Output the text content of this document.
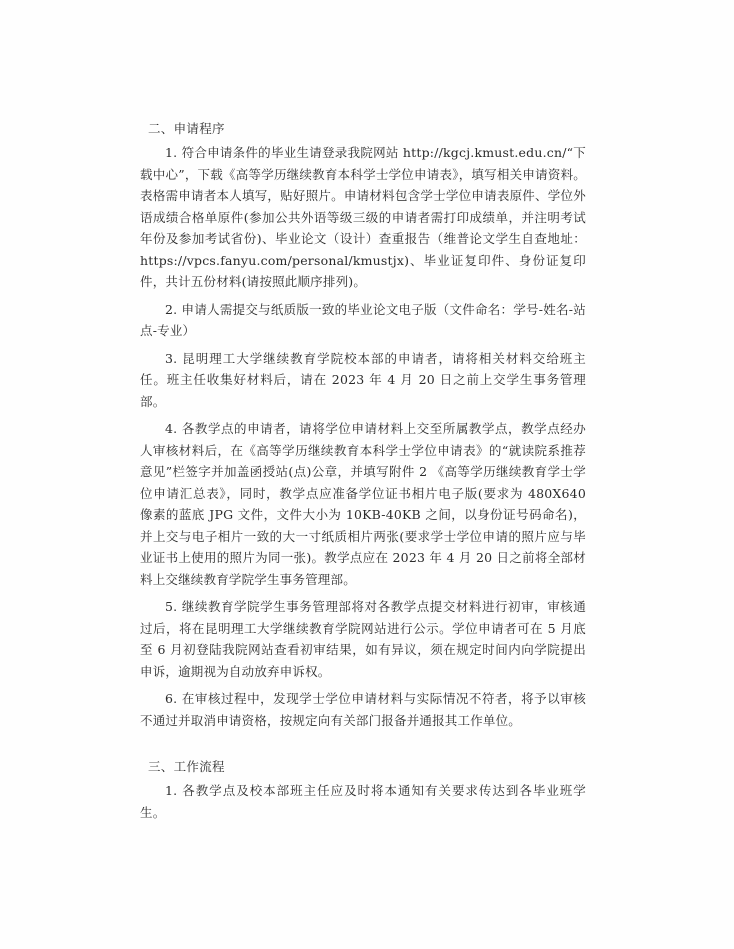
二、申请程序

1. 符合申请条件的毕业生请登录我院网站 http://kgcj.kmust.edu.cn/“下载中心”，下载《高等学历继续教育本科学士学位申请表》，填写相关申请资料。表格需申请者本人填写，贴好照片。申请材料包含学士学位申请表原件、学位外语成绩合格单原件(参加公共外语等级三级的申请者需打印成绩单，并注明考试年份及参加考试省份)、毕业论文（设计）查重报告（维普论文学生自查地址： https://vpcs.fanyu.com/personal/kmustjx)、毕业证复印件、身份证复印件，共计五份材料(请按照此顺序排列)。

2. 申请人需提交与纸质版一致的毕业论文电子版（文件命名：学号-姓名-站点-专业）

3. 昆明理工大学继续教育学院校本部的申请者，请将相关材料交给班主任。班主任收集好材料后，请在 2023 年 4 月 20 日之前上交学生事务管理部。

4. 各教学点的申请者，请将学位申请材料上交至所属教学点，教学点经办人审核材料后，在《高等学历继续教育本科学士学位申请表》的“就读院系推荐意见”栏签字并加盖函授站(点)公章，并填写附件 2 《高等学历继续教育学士学位申请汇总表》，同时，教学点应准备学位证书相片电子版(要求为 480X640 像素的蓝底 JPG 文件，文件大小为 10KB-40KB 之间，以身份证号码命名)，并上交与电子相片一致的大一寸纸质相片两张(要求学士学位申请的照片应与毕业证书上使用的照片为同一张)。教学点应在 2023 年 4 月 20 日之前将全部材料上交继续教育学院学生事务管理部。

5. 继续教育学院学生事务管理部将对各教学点提交材料进行初审，审核通过后，将在昆明理工大学继续教育学院网站进行公示。学位申请者可在 5 月底至 6 月初登陆我院网站查看初审结果，如有异议，须在规定时间内向学院提出申诉，逾期视为自动放弃申诉权。

6. 在审核过程中，发现学士学位申请材料与实际情况不符者，将予以审核不通过并取消申请资格，按规定向有关部门报备并通报其工作单位。

三、工作流程

1. 各教学点及校本部班主任应及时将本通知有关要求传达到各毕业班学生。
